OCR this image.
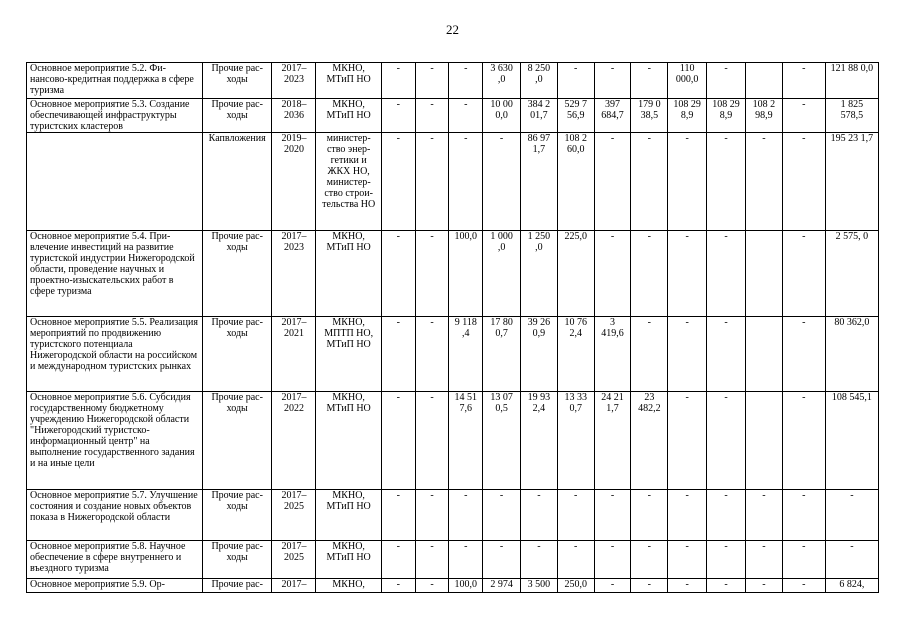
22
Основное мероприятие 5.2. Финансово-кредитная поддержка в сфере туризма	Прочие расходы	2017–2023	МКНО, МТиП НО	-	-	-	3 630 ,0	8 250 ,0	-	-	-	110 000,0	-		-	121 88 0,0
Основное мероприятие 5.3. Создание обеспечивающей инфраструктуры туристских кластеров	Прочие расходы	2018–2036	МКНО, МТиП НО	-	-	-	10 00 0,0	384 2 01,7	529 7 56,9	397 684,7	179 0 38,5	108 29 8,9	108 29 8,9	108 2 98,9	-	1 825 578,5
	Капвложения	2019–2020	министерство энергетики и ЖКХ НО, министерство строительства НО	-	-	-	-	86 97 1,7	108 2 60,0	-	-	-	-	-	-	195 23 1,7
Основное мероприятие 5.4. Привлечение инвестиций на развитие туристской индустрии Нижегородской области, проведение научных и проектно-изыскательских работ в сфере туризма	Прочие расходы	2017–2023	МКНО, МТиП НО	-	-	100,0	1 000 ,0	1 250 ,0	225,0	-	-	-	-		-	2 575, 0
Основное мероприятие 5.5. Реализация мероприятий по продвижению туристского потенциала Нижегородской области на российском и международном туристских рынках	Прочие расходы	2017–2021	МКНО, МПТП НО, МТиП НО	-	-	9 118 ,4	17 80 0,7	39 26 0,9	10 76 2,4	3 419,6	-	-	-		-	80 362,0
Основное мероприятие 5.6. Субсидия государственному бюджетному учреждению Нижегородской области "Нижегородский туристско-информационный центр" на выполнение государственного задания и на иные цели	Прочие расходы	2017–2022	МКНО, МТиП НО	-	-	14 51 7,6	13 07 0,5	19 93 2,4	13 33 0,7	24 21 1,7	23 482,2	-	-		-	108 545,1
Основное мероприятие 5.7. Улучшение состояния и создание новых объектов показа в Нижегородской области	Прочие расходы	2017–2025	МКНО, МТиП НО	-	-	-	-	-	-	-	-	-	-	-	-	-
Основное мероприятие 5.8. Научное обеспечение в сфере внутреннего и въездного туризма	Прочие расходы	2017–2025	МКНО, МТиП НО	-	-	-	-	-	-	-	-	-	-	-	-	-
Основное мероприятие 5.9. Ор-	Прочие рас-	2017–	МКНО,	-	-	100,0	2 974	3 500	250,0	-	-	-	-	-	-	6 824,
